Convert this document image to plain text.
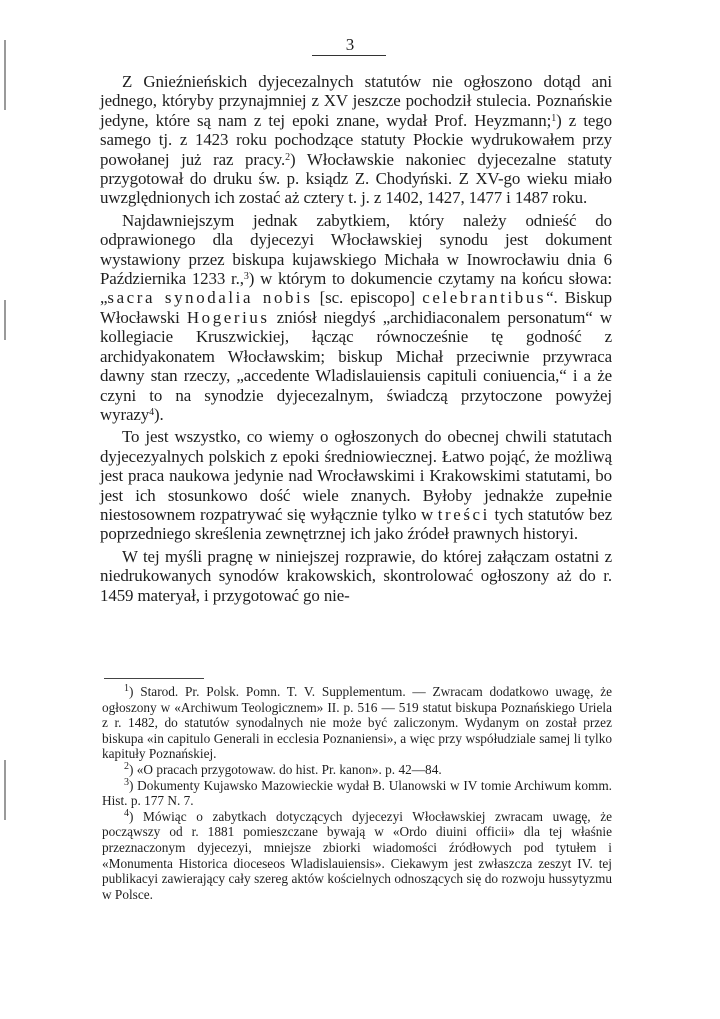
3

Z Gnieźnieńskich dyjecezalnych statutów nie ogłoszono dotąd ani jednego, któryby przynajmniej z XV jeszcze pochodził stulecia. Poznańskie jedyne, które są nam z tej epoki znane, wydał Prof. Heyzmann;$^1$) z tego samego tj. z 1423 roku pochodzące statuty Płockie wydrukowałem przy powołanej już raz pracy.$^2$) Włocławskie nakoniec dyjecezalne statuty przygotował do druku św. p. ksiądz Z. Chodyński. Z XV-go wieku miało uwzględnionych ich zostać aż cztery t. j. z 1402, 1427, 1477 i 1487 roku.

Najdawniejszym jednak zabytkiem, który należy odnieść do odprawionego dla dyjecezyi Włocławskiej synodu jest dokument wystawiony przez biskupa kujawskiego Michała w Inowrocławiu dnia 6 Października 1233 r.,$^3$) w którym to dokumencie czytamy na końcu słowa: „sacra synodalia nobis [sc. episcopo] celebrantibus“. Biskup Włocławski Hogerius zniósł niegdyś „archidiaconalem personatum“ w kollegiacie Kruszwickiej, łącząc równocześnie tę godność z archidyakonatem Włocławskim; biskup Michał przeciwnie przywraca dawny stan rzeczy, „accedente Wladislauiensis capituli coniuencia,“ i a że czyni to na synodzie dyjecezalnym, świadczą przytoczone powyżej wyrazy$^4$).

To jest wszystko, co wiemy o ogłoszonych do obecnej chwili statutach dyjecezyalnych polskich z epoki średniowiecznej. Łatwo pojąć, że możliwą jest praca naukowa jedynie nad Wrocławskimi i Krakowskimi statutami, bo jest ich stosunkowo dość wiele znanych. Byłoby jednakże zupełnie niestosownem rozpatrywać się wyłącznie tylko w treści tych statutów bez poprzedniego skreślenia zewnętrznej ich jako źródeł prawnych historyi.

W tej myśli pragnę w niniejszej rozprawie, do której załączam ostatni z niedrukowanych synodów krakowskich, skontrolować ogłoszony aż do r. 1459 materyał, i przygotować go nie-

$^1$) Starod. Pr. Polsk. Pomn. T. V. Supplementum. — Zwracam dodatkowo uwagę, że ogłoszony w «Archiwum Teologicznem» II. p. 516 — 519 statut biskupa Poznańskiego Uriela z r. 1482, do statutów synodalnych nie może być zaliczonym. Wydanym on został przez biskupa «in capitulo Generali in ecclesia Poznaniensi», a więc przy współudziale samej li tylko kapituły Poznańskiej.

$^2$) «O pracach przygotowaw. do hist. Pr. kanon». p. 42—84.

$^3$) Dokumenty Kujawsko Mazowieckie wydał B. Ulanowski w IV tomie Archiwum komm. Hist. p. 177 N. 7.

$^4$) Mówiąc o zabytkach dotyczących dyjecezyi Włocławskiej zwracam uwagę, że począwszy od r. 1881 pomieszczane bywają w «Ordo diuini officii» dla tej właśnie przeznaczonym dyjecezyi, mniejsze zbiorki wiadomości źródłowych pod tytułem i «Monumenta Historica dioceseos Wladislauiensis». Ciekawym jest zwłaszcza zeszyt IV. tej publikacyi zawierający cały szereg aktów kościelnych odnoszących się do rozwoju hussytyzmu w Polsce.
